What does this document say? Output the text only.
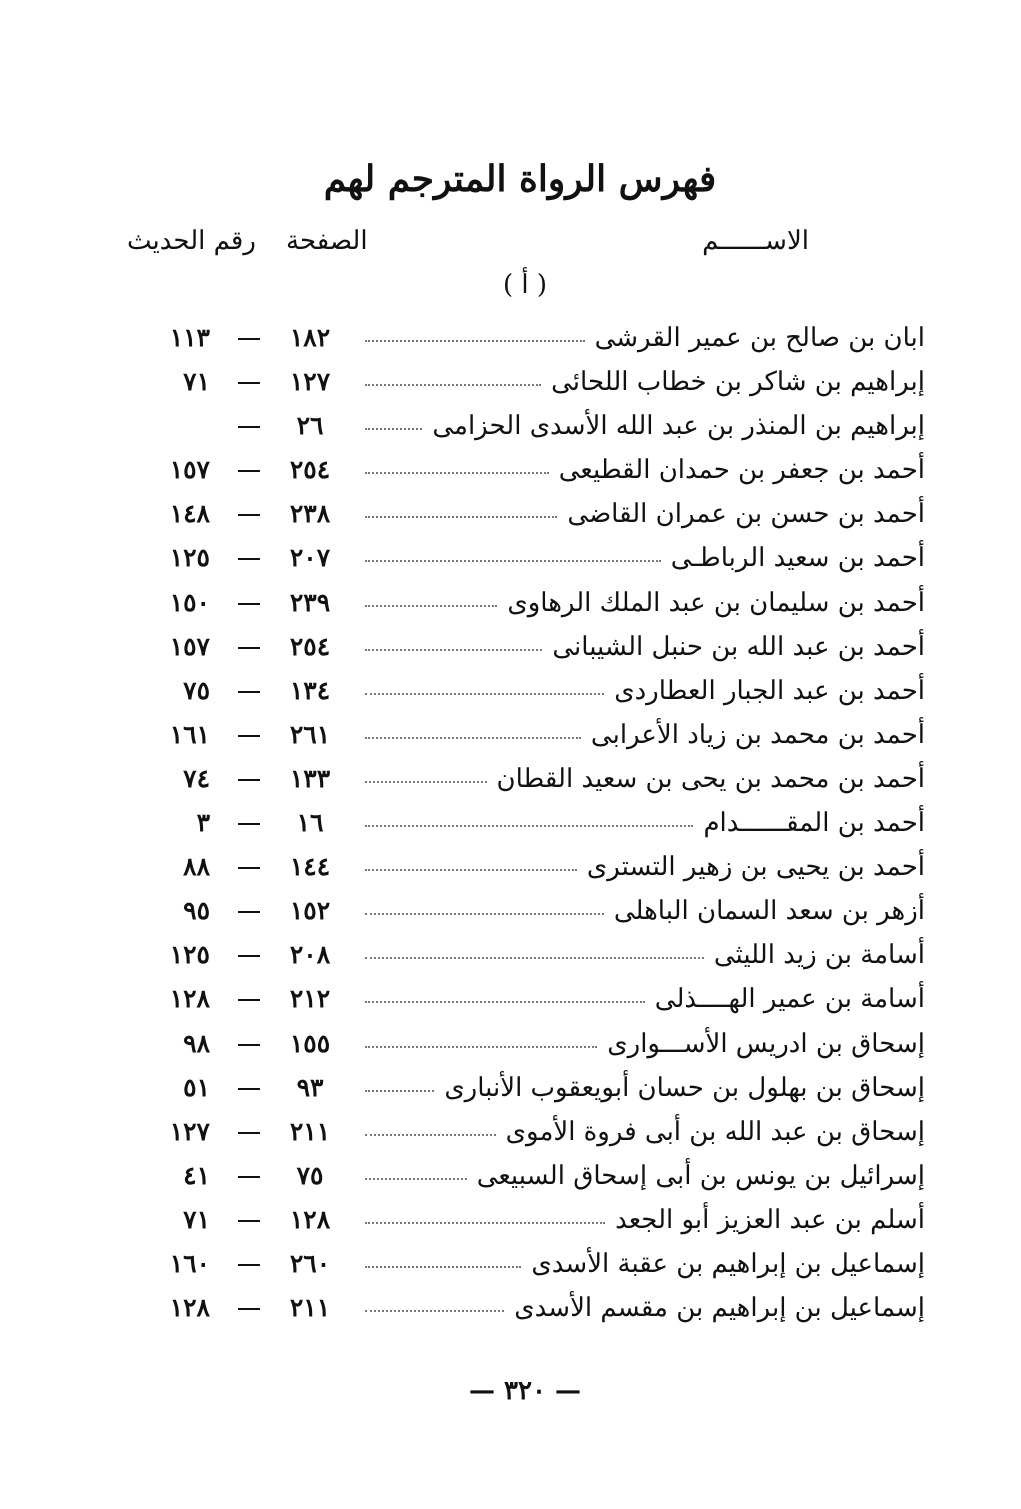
فهرس الرواة المترجم لهم
الاســــــم
الصفحة
رقم الحديث
( أ )
ابان بن صالح بن عمير القرشى
١٨٢
١١٣
إبراهيم بن شاكر بن خطاب اللحائى
١٢٧
٧١
إبراهيم بن المنذر بن عبد الله الأسدى الحزامى
٢٦
أحمد بن جعفر بن حمدان القطيعى
٢٥٤
١٥٧
أحمد بن حسن بن عمران القاضى
٢٣٨
١٤٨
أحمد بن سعيد الرباطـى
٢٠٧
١٢٥
أحمد بن سليمان بن عبد الملك الرهاوى
٢٣٩
١٥٠
أحمد بن عبد الله بن حنبل الشيبانى
٢٥٤
١٥٧
أحمد بن عبد الجبار العطاردى
١٣٤
٧٥
أحمد بن محمد بن زياد الأعرابى
٢٦١
١٦١
أحمد بن محمد بن يحى بن سعيد القطان
١٣٣
٧٤
أحمد بن المقــــــدام
١٦
٣
أحمد بن يحيى بن زهير التسترى
١٤٤
٨٨
أزهر بن سعد السمان الباهلى
١٥٢
٩٥
أسامة بن زيد الليثى
٢٠٨
١٢٥
أسامة بن عمير الهــــذلى
٢١٢
١٢٨
إسحاق بن ادريس الأســـوارى
١٥٥
٩٨
إسحاق بن بهلول بن حسان أبويعقوب الأنبارى
٩٣
٥١
إسحاق بن عبد الله بن أبى فروة الأموى
٢١١
١٢٧
إسرائيل بن يونس بن أبى إسحاق السبيعى
٧٥
٤١
أسلم بن عبد العزيز أبو الجعد
١٢٨
٧١
إسماعيل بن إبراهيم بن عقبة الأسدى
٢٦٠
١٦٠
إسماعيل بن إبراهيم بن مقسم الأسدى
٢١١
١٢٨
— ٣٢٠ —
